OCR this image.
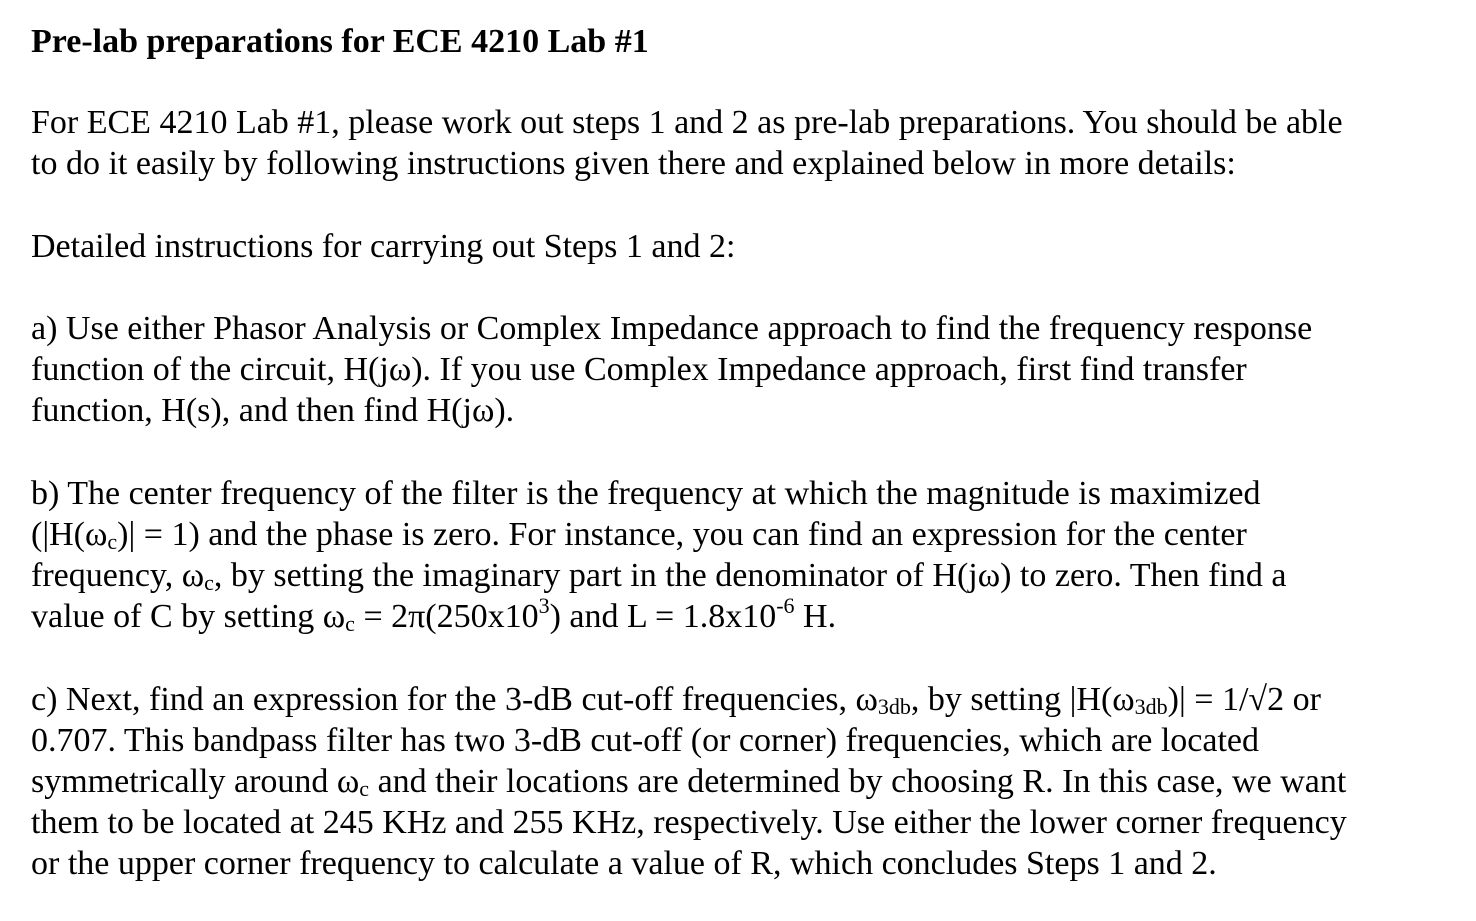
Pre-lab preparations for ECE 4210 Lab #1
For ECE 4210 Lab #1, please work out steps 1 and 2 as pre-lab preparations. You should be able
to do it easily by following instructions given there and explained below in more details:
Detailed instructions for carrying out Steps 1 and 2:
a) Use either Phasor Analysis or Complex Impedance approach to find the frequency response
function of the circuit, H(jω). If you use Complex Impedance approach, first find transfer
function, H(s), and then find H(jω).
b) The center frequency of the filter is the frequency at which the magnitude is maximized
(|H(ωc)| = 1) and the phase is zero. For instance, you can find an expression for the center
frequency, ωc, by setting the imaginary part in the denominator of H(jω) to zero. Then find a
value of C by setting $\omega c = 2\pi(250x10^3)$ and $L = 1.8x10^{-6}$ H.
c) Next, find an expression for the 3-dB cut-off frequencies, ω3db, by setting |H(ω3db)| = 1/√2 or
0.707. This bandpass filter has two 3-dB cut-off (or corner) frequencies, which are located
symmetrically around ωc and their locations are determined by choosing R. In this case, we want
them to be located at 245 KHz and 255 KHz, respectively. Use either the lower corner frequency
or the upper corner frequency to calculate a value of R, which concludes Steps 1 and 2.
